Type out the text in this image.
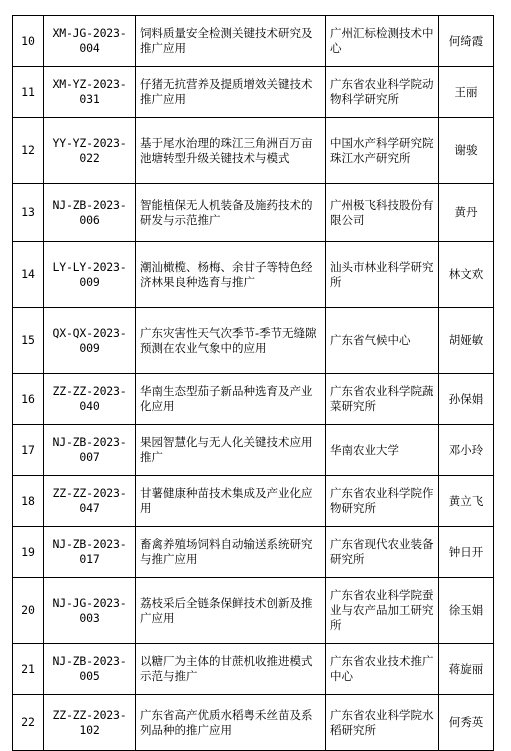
10	XM-JG-2023-004	饲料质量安全检测关键技术研究及推广应用	广州汇标检测技术中心	何绮霞
11	XM-YZ-2023-031	仔猪无抗营养及提质增效关键技术推广应用	广东省农业科学院动物科学研究所	王丽
12	YY-YZ-2023-022	基于尾水治理的珠江三角洲百万亩池塘转型升级关键技术与模式	中国水产科学研究院珠江水产研究所	谢骏
13	NJ-ZB-2023-006	智能植保无人机装备及施药技术的研发与示范推广	广州极飞科技股份有限公司	黄丹
14	LY-LY-2023-009	潮汕橄榄、杨梅、余甘子等特色经济林果良种选育与推广	汕头市林业科学研究所	林文欢
15	QX-QX-2023-009	广东灾害性天气次季节-季节无缝隙预测在农业气象中的应用	广东省气候中心	胡娅敏
16	ZZ-ZZ-2023-040	华南生态型茄子新品种选育及产业化应用	广东省农业科学院蔬菜研究所	孙保娟
17	NJ-ZB-2023-007	果园智慧化与无人化关键技术应用推广	华南农业大学	邓小玲
18	ZZ-ZZ-2023-047	甘薯健康种苗技术集成及产业化应用	广东省农业科学院作物研究所	黄立飞
19	NJ-ZB-2023-017	畜禽养殖场饲料自动输送系统研究与推广应用	广东省现代农业装备研究所	钟日开
20	NJ-JG-2023-003	荔枝采后全链条保鲜技术创新及推广应用	广东省农业科学院蚕业与农产品加工研究所	徐玉娟
21	NJ-ZB-2023-005	以糖厂为主体的甘蔗机收推进模式示范与推广	广东省农业技术推广中心	蒋旋丽
22	ZZ-ZZ-2023-102	广东省高产优质水稻粤禾丝苗及系列品种的推广应用	广东省农业科学院水稻研究所	何秀英
